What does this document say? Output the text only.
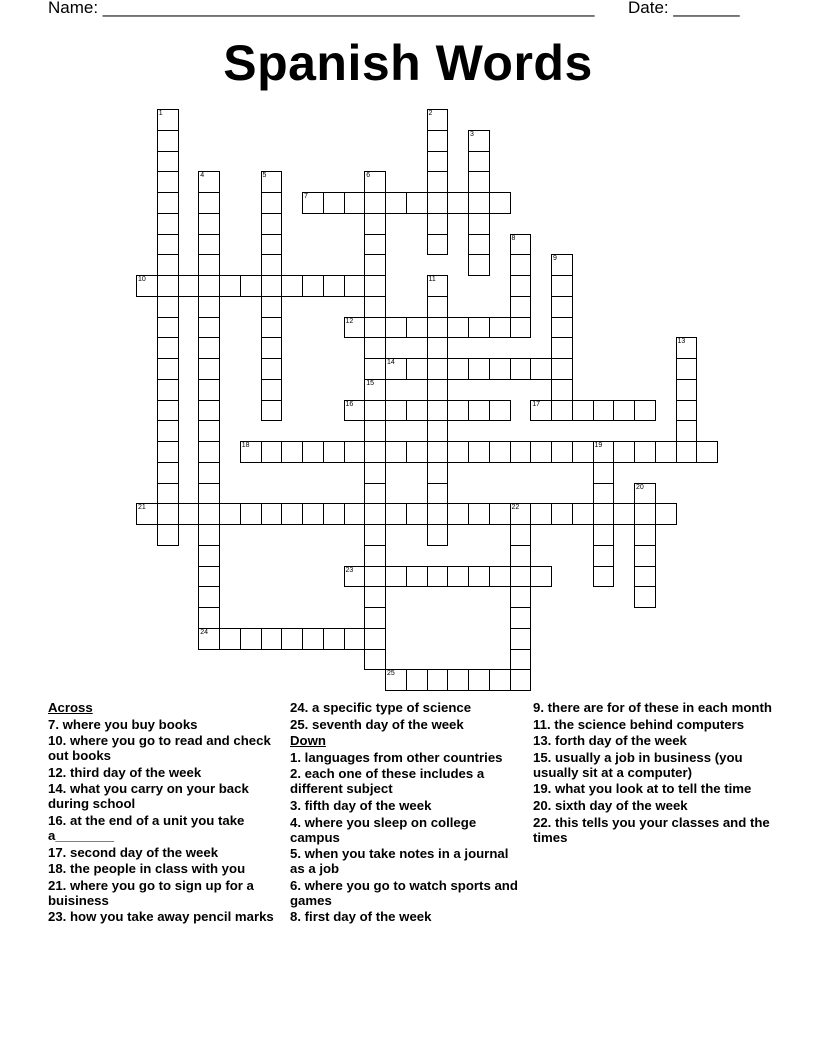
Name: ____________________________________________________ Date: _______
Spanish Words
7
10
12
14
16	17
18	19
21	22
23
24
25
1	2
3
4	5	6
15
8
9
11
13
20
Across
7. where you buy books
10. where you go to read and check out books
12. third day of the week
14. what you carry on your back during school
16. at the end of a unit you take a________
17. second day of the week
18. the people in class with you
21. where you go to sign up for a buisiness
23. how you take away pencil marks
24. a specific type of science
25. seventh day of the week
Down
1. languages from other countries
2. each one of these includes a different subject
3. fifth day of the week
4. where you sleep on college campus
5. when you take notes in a journal as a job
6. where you go to watch sports and games
8. first day of the week
9. there are for of these in each month
11. the science behind computers
13. forth day of the week
15. usually a job in business (you usually sit at a computer)
19. what you look at to tell the time
20. sixth day of the week
22. this tells you your classes and the times
